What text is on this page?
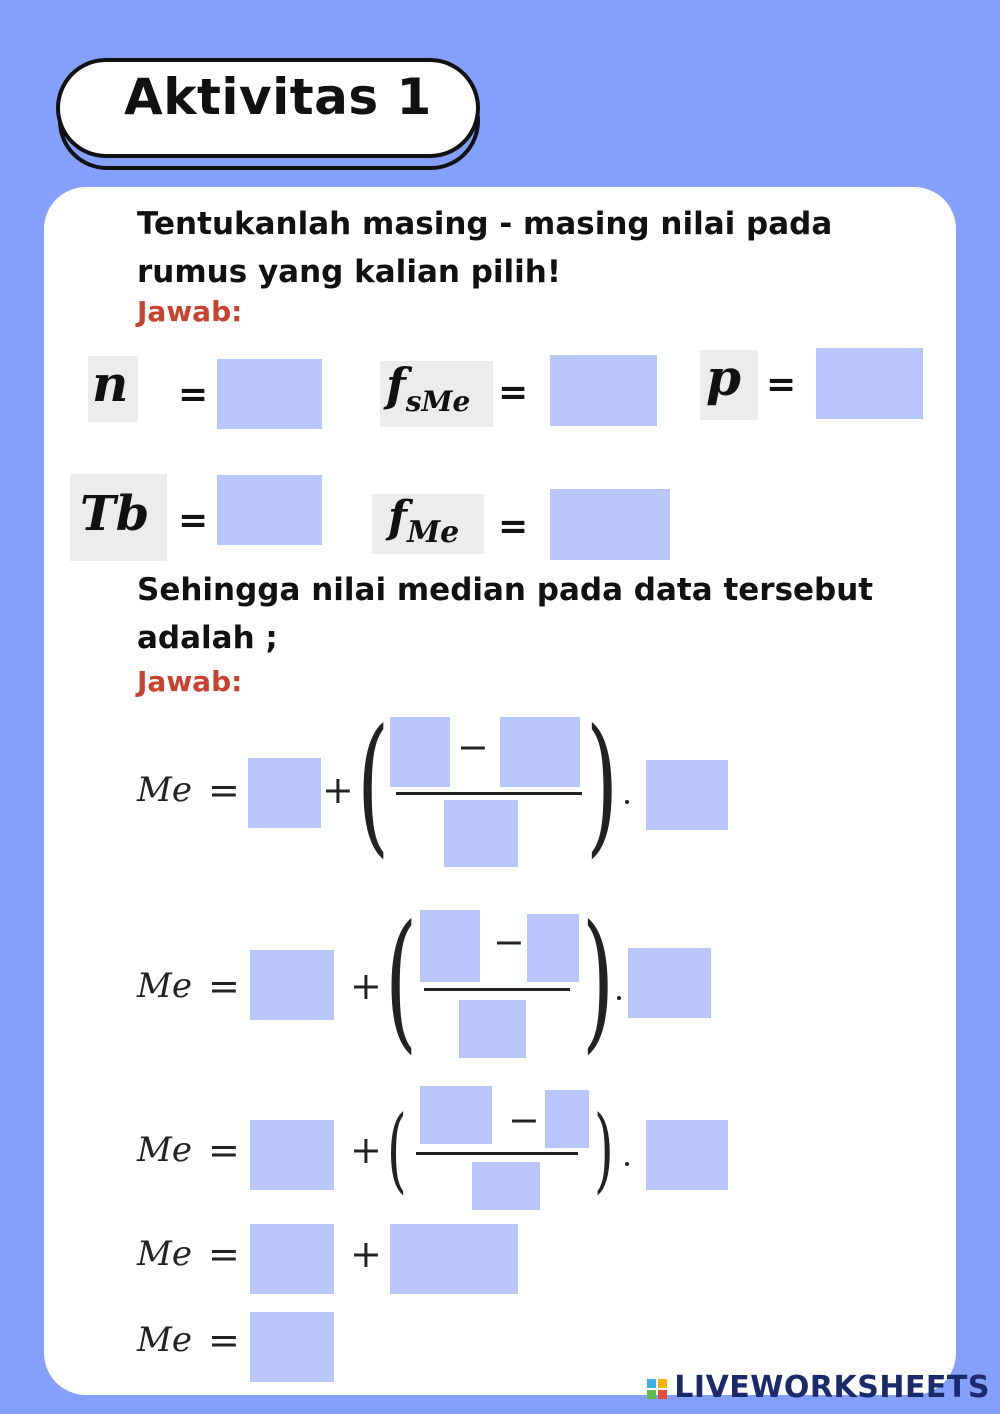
Aktivitas 1
Tentukanlah masing - masing nilai pada
rumus yang kalian pilih!
Jawab:
n =	$f_{sMe}$ =	p =
Tb =	$f_{Me}$ =
Sehingga nilai median pada data tersebut
adalah ;
Jawab:
Me = + ( − )
Me =	+ ( − )
Me =	+ (	− )
Me =	+
Me =
LIVEWORKSHEETS
